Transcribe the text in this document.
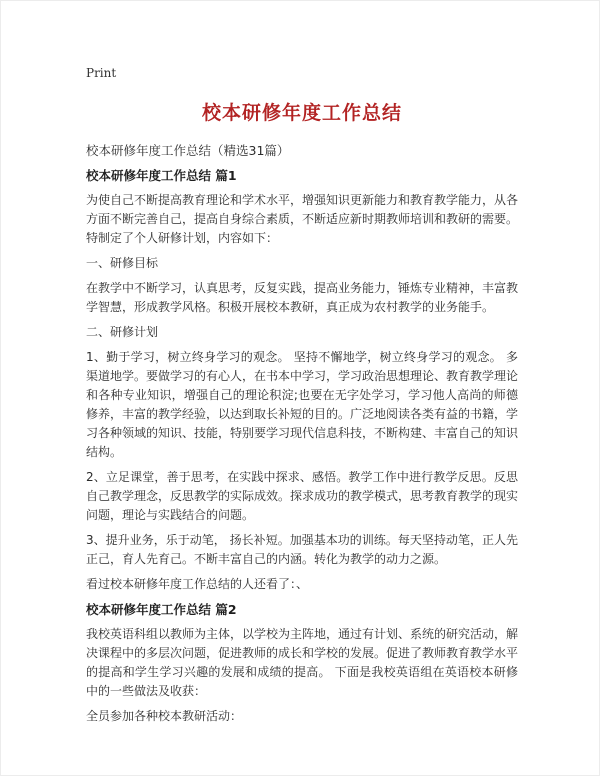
Print
校本研修年度工作总结

校本研修年度工作总结（精选31篇）

校本研修年度工作总结 篇1

为使自己不断提高教育理论和学术水平，增强知识更新能力和教育教学能力，从各方面不断完善自己，提高自身综合素质，不断适应新时期教师培训和教研的需要。特制定了个人研修计划，内容如下：

一、研修目标

在教学中不断学习，认真思考，反复实践，提高业务能力，锤炼专业精神，丰富教学智慧，形成教学风格。积极开展校本教研，真正成为农村教学的业务能手。

二、研修计划

1、勤于学习，树立终身学习的观念。 坚持不懈地学，树立终身学习的观念。 多渠道地学。要做学习的有心人，在书本中学习，学习政治思想理论、教育教学理论和各种专业知识，增强自己的理论积淀;也要在无字处学习，学习他人高尚的师德修养，丰富的教学经验，以达到取长补短的目的。广泛地阅读各类有益的书籍，学习各种领域的知识、技能，特别要学习现代信息科技，不断构建、丰富自己的知识结构。

2、立足课堂，善于思考，在实践中探求、感悟。教学工作中进行教学反思。反思自己教学理念，反思教学的实际成效。探求成功的教学模式，思考教育教学的现实问题，理论与实践结合的问题。

3、提升业务，乐于动笔， 扬长补短。加强基本功的训练。每天坚持动笔，正人先正己，育人先育己。不断丰富自己的内涵。转化为教学的动力之源。

看过校本研修年度工作总结的人还看了：、

校本研修年度工作总结 篇2

我校英语科组以教师为主体，以学校为主阵地，通过有计划、系统的研究活动，解决课程中的多层次问题，促进教师的成长和学校的发展。促进了教师教育教学水平的提高和学生学习兴趣的发展和成绩的提高。 下面是我校英语组在英语校本研修中的一些做法及收获：

全员参加各种校本教研活动：
